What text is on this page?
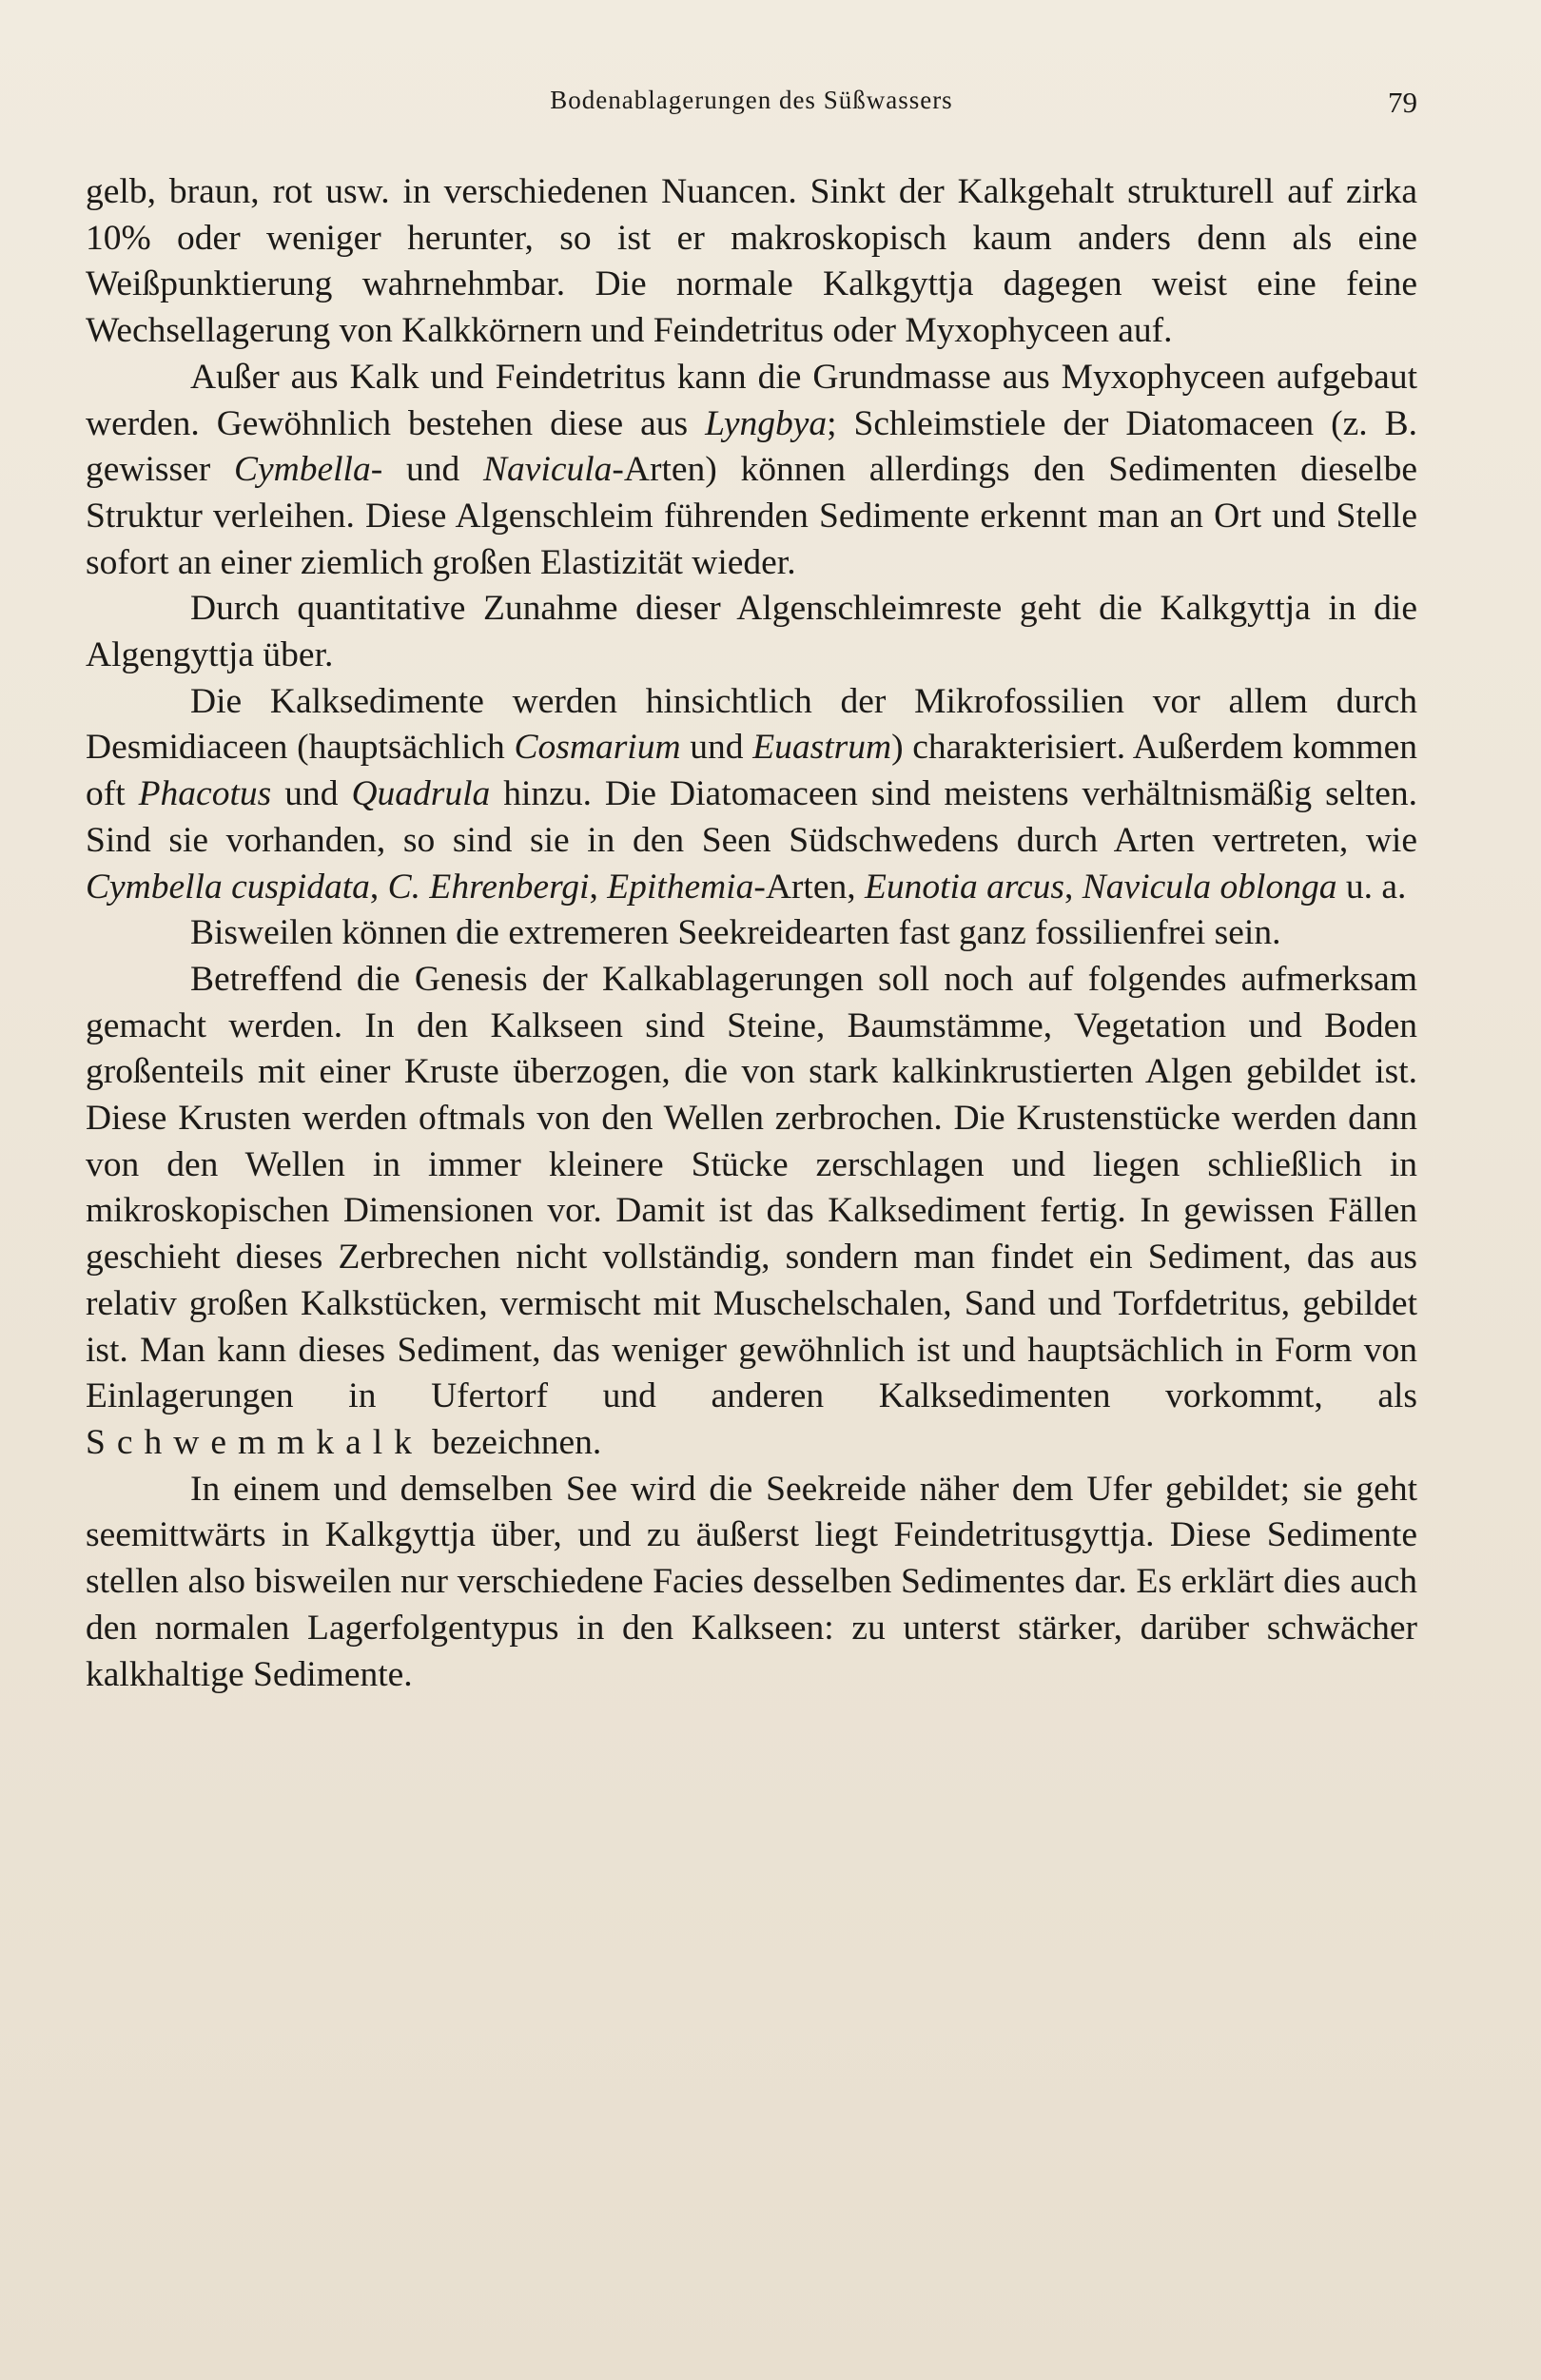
Bodenablagerungen des Süßwassers	79

gelb, braun, rot usw. in verschiedenen Nuancen. Sinkt der Kalkgehalt strukturell auf zirka 10% oder weniger herunter, so ist er makroskopisch kaum anders denn als eine Weißpunktierung wahrnehmbar. Die normale Kalkgyttja dagegen weist eine feine Wechsellagerung von Kalkkörnern und Feindetritus oder Myxophyceen auf.

Außer aus Kalk und Feindetritus kann die Grundmasse aus Myxophyceen aufgebaut werden. Gewöhnlich bestehen diese aus Lyngbya; Schleimstiele der Diatomaceen (z. B. gewisser Cymbella- und Navicula-Arten) können allerdings den Sedimenten dieselbe Struktur verleihen. Diese Algenschleim führenden Sedimente erkennt man an Ort und Stelle sofort an einer ziemlich großen Elastizität wieder.

Durch quantitative Zunahme dieser Algenschleimreste geht die Kalkgyttja in die Algengyttja über.

Die Kalksedimente werden hinsichtlich der Mikrofossilien vor allem durch Desmidiaceen (hauptsächlich Cosmarium und Euastrum) charakterisiert. Außerdem kommen oft Phacotus und Quadrula hinzu. Die Diatomaceen sind meistens verhältnismäßig selten. Sind sie vorhanden, so sind sie in den Seen Südschwedens durch Arten vertreten, wie Cymbella cuspidata, C. Ehrenbergi, Epithemia-Arten, Eunotia arcus, Navicula oblonga u. a.

Bisweilen können die extremeren Seekreidearten fast ganz fossilienfrei sein.

Betreffend die Genesis der Kalkablagerungen soll noch auf folgendes aufmerksam gemacht werden. In den Kalkseen sind Steine, Baumstämme, Vegetation und Boden großenteils mit einer Kruste überzogen, die von stark kalkinkrustierten Algen gebildet ist. Diese Krusten werden oftmals von den Wellen zerbrochen. Die Krustenstücke werden dann von den Wellen in immer kleinere Stücke zerschlagen und liegen schließlich in mikroskopischen Dimensionen vor. Damit ist das Kalksediment fertig. In gewissen Fällen geschieht dieses Zerbrechen nicht vollständig, sondern man findet ein Sediment, das aus relativ großen Kalkstücken, vermischt mit Muschelschalen, Sand und Torfdetritus, gebildet ist. Man kann dieses Sediment, das weniger gewöhnlich ist und hauptsächlich in Form von Einlagerungen in Ufertorf und anderen Kalksedimenten vorkommt, als Schwemmkalk bezeichnen.

In einem und demselben See wird die Seekreide näher dem Ufer gebildet; sie geht seemittwärts in Kalkgyttja über, und zu äußerst liegt Feindetritusgyttja. Diese Sedimente stellen also bisweilen nur verschiedene Facies desselben Sedimentes dar. Es erklärt dies auch den normalen Lagerfolgentypus in den Kalkseen: zu unterst stärker, darüber schwächer kalkhaltige Sedimente.
